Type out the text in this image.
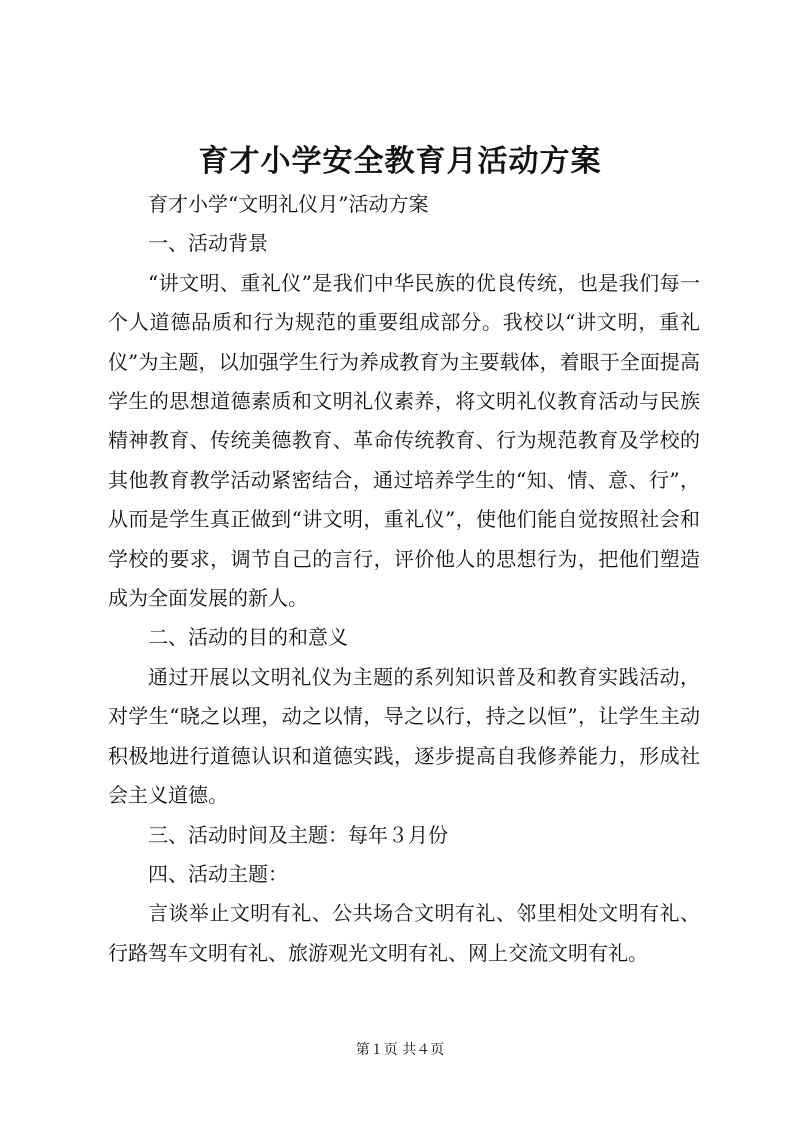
育才小学安全教育月活动方案

育才小学“文明礼仪月”活动方案

一、活动背景

“讲文明、重礼仪”是我们中华民族的优良传统，也是我们每一个人道德品质和行为规范的重要组成部分。我校以“讲文明，重礼仪”为主题，以加强学生行为养成教育为主要载体，着眼于全面提高学生的思想道德素质和文明礼仪素养，将文明礼仪教育活动与民族精神教育、传统美德教育、革命传统教育、行为规范教育及学校的其他教育教学活动紧密结合，通过培养学生的“知、情、意、行”，从而是学生真正做到“讲文明，重礼仪”，使他们能自觉按照社会和学校的要求，调节自己的言行，评价他人的思想行为，把他们塑造成为全面发展的新人。

二、活动的目的和意义

通过开展以文明礼仪为主题的系列知识普及和教育实践活动，对学生“晓之以理，动之以情，导之以行，持之以恒”，让学生主动积极地进行道德认识和道德实践，逐步提高自我修养能力，形成社会主义道德。

三、活动时间及主题：每年３月份

四、活动主题：

言谈举止文明有礼、公共场合文明有礼、邻里相处文明有礼、行路驾车文明有礼、旅游观光文明有礼、网上交流文明有礼。

第１页 共４页
